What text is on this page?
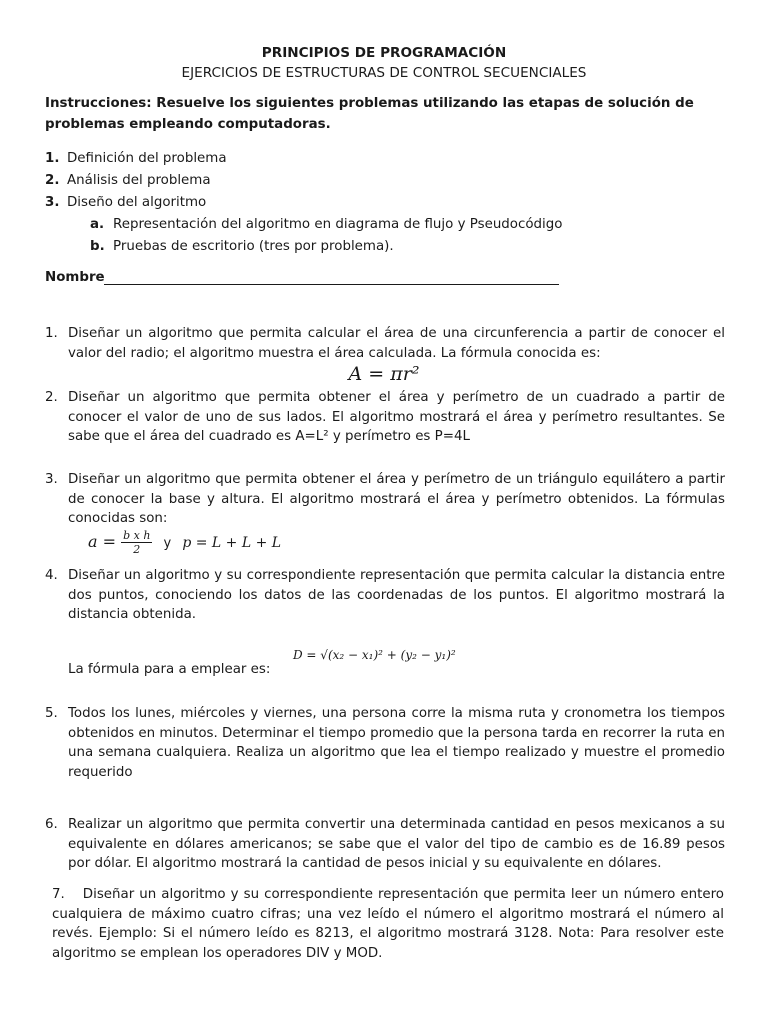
PRINCIPIOS DE PROGRAMACIÓN
EJERCICIOS DE ESTRUCTURAS DE CONTROL SECUENCIALES
Instrucciones: Resuelve los siguientes problemas utilizando las etapas de solución de problemas empleando computadoras.
1. Definición del problema
2. Análisis del problema
3. Diseño del algoritmo
a. Representación del algoritmo en diagrama de flujo y Pseudocódigo
b. Pruebas de escritorio (tres por problema).
Nombre
1. Diseñar un algoritmo que permita calcular el área de una circunferencia a partir de conocer el valor del radio; el algoritmo muestra el área calculada. La fórmula conocida es:
A = πr²
2. Diseñar un algoritmo que permita obtener el área y perímetro de un cuadrado a partir de conocer el valor de uno de sus lados. El algoritmo mostrará el área y perímetro resultantes. Se sabe que el área del cuadrado es A=L² y perímetro es P=4L
3. Diseñar un algoritmo que permita obtener el área y perímetro de un triángulo equilátero a partir de conocer la base y altura. El algoritmo mostrará el área y perímetro obtenidos. La fórmulas conocidas son:
$a = \frac{\text{b x h}}{2}$ y p = L + L + L
4. Diseñar un algoritmo y su correspondiente representación que permita calcular la distancia entre dos puntos, conociendo los datos de las coordenadas de los puntos. El algoritmo mostrará la distancia obtenida.
D = √(x₂ − x₁)² + (y₂ − y₁)²
La fórmula para a emplear es:
5. Todos los lunes, miércoles y viernes, una persona corre la misma ruta y cronometra los tiempos obtenidos en minutos. Determinar el tiempo promedio que la persona tarda en recorrer la ruta en una semana cualquiera. Realiza un algoritmo que lea el tiempo realizado y muestre el promedio requerido
6. Realizar un algoritmo que permita convertir una determinada cantidad en pesos mexicanos a su equivalente en dólares americanos; se sabe que el valor del tipo de cambio es de 16.89 pesos por dólar. El algoritmo mostrará la cantidad de pesos inicial y su equivalente en dólares.
7. Diseñar un algoritmo y su correspondiente representación que permita leer un número entero cualquiera de máximo cuatro cifras; una vez leído el número el algoritmo mostrará el número al revés. Ejemplo: Si el número leído es 8213, el algoritmo mostrará 3128. Nota: Para resolver este algoritmo se emplean los operadores DIV y MOD.
